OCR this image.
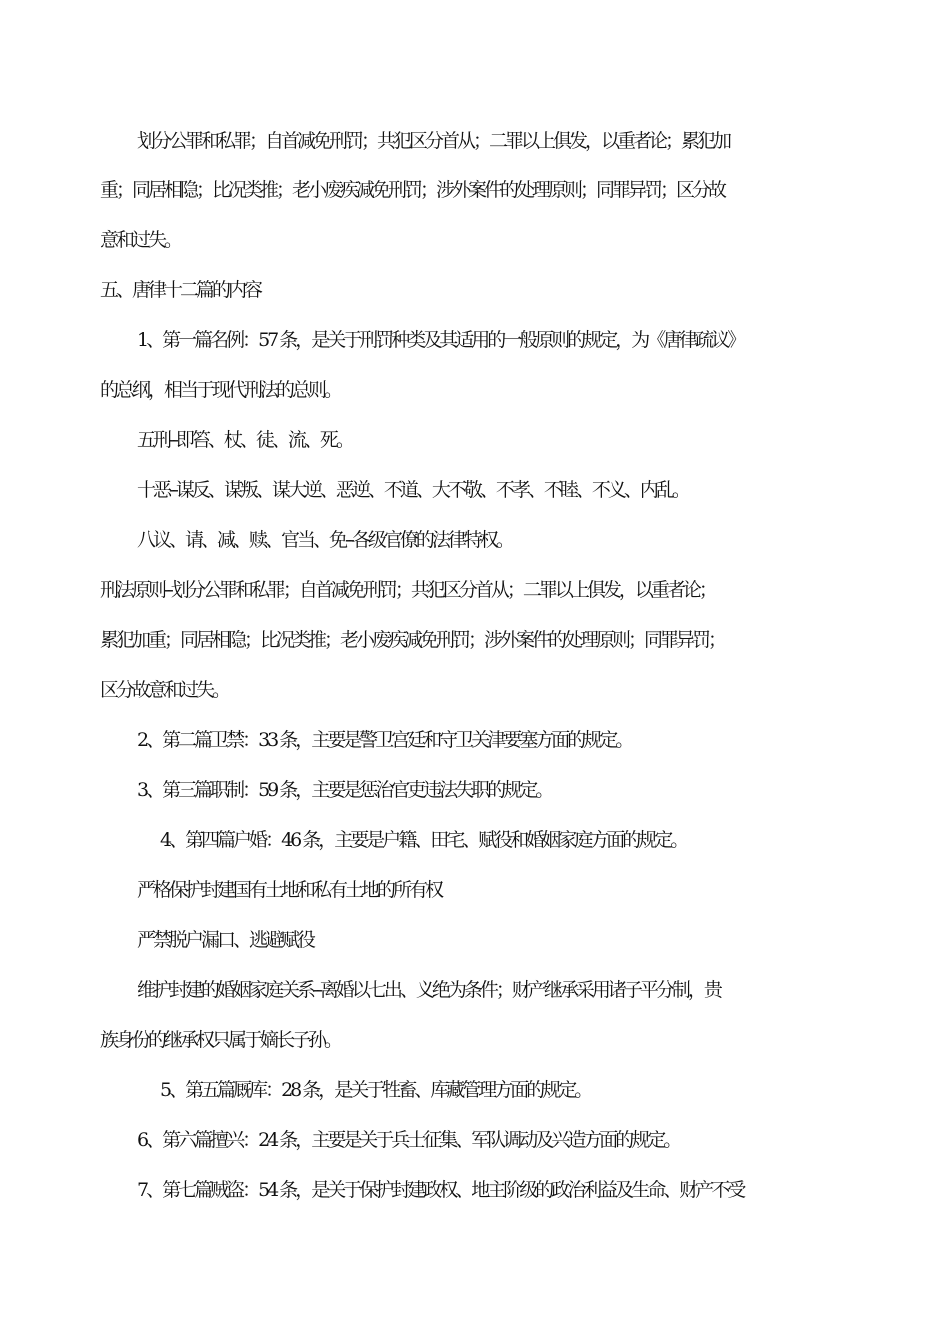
划分公罪和私罪；自首减免刑罚；共犯区分首从；二罪以上俱发，以重者论；累犯加
重；同居相隐；比况类推；老小废疾减免刑罚；涉外案件的处理原则；同罪异罚；区分故
意和过失。
五、唐律十二篇的内容
1、第一篇名例：57 条，是关于刑罚种类及其适用的一般原则的规定，为《唐律疏议》
的总纲，相当于现代刑法的总则。
五刑--即笞、杖、徒、流、死。
十恶--谋反、谋叛、谋大逆、恶逆、不道、大不敬、不孝、不睦、不义、内乱。
八议、请、减、赎、官当、免--各级官僚的法律特权。
刑法原则--划分公罪和私罪；自首减免刑罚；共犯区分首从；二罪以上俱发，以重者论；
累犯加重；同居相隐；比况类推；老小废疾减免刑罚；涉外案件的处理原则；同罪异罚；
区分故意和过失。
2、第二篇卫禁：33 条，主要是警卫宫廷和守卫关津要塞方面的规定。
3、第三篇职制：59 条，主要是惩治官吏违法失职的规定。
4、第四篇户婚：46 条，主要是户籍、田宅、赋役和婚姻家庭方面的规定。
严格保护封建国有土地和私有土地的所有权
严禁脱户漏口、逃避赋役
维护封建的婚姻家庭关系--离婚以七出、义绝为条件；财产继承采用诸子平分制，贵
族身份的继承权只属于嫡长子孙。
5、第五篇厩库：28 条，是关于牲畜、库藏管理方面的规定。
6、第六篇擅兴：24 条，主要是关于兵士征集、军队调动及兴造方面的规定。
7、第七篇贼盗：54 条，是关于保护封建政权、地主阶级的政治利益及生命、财产不受
